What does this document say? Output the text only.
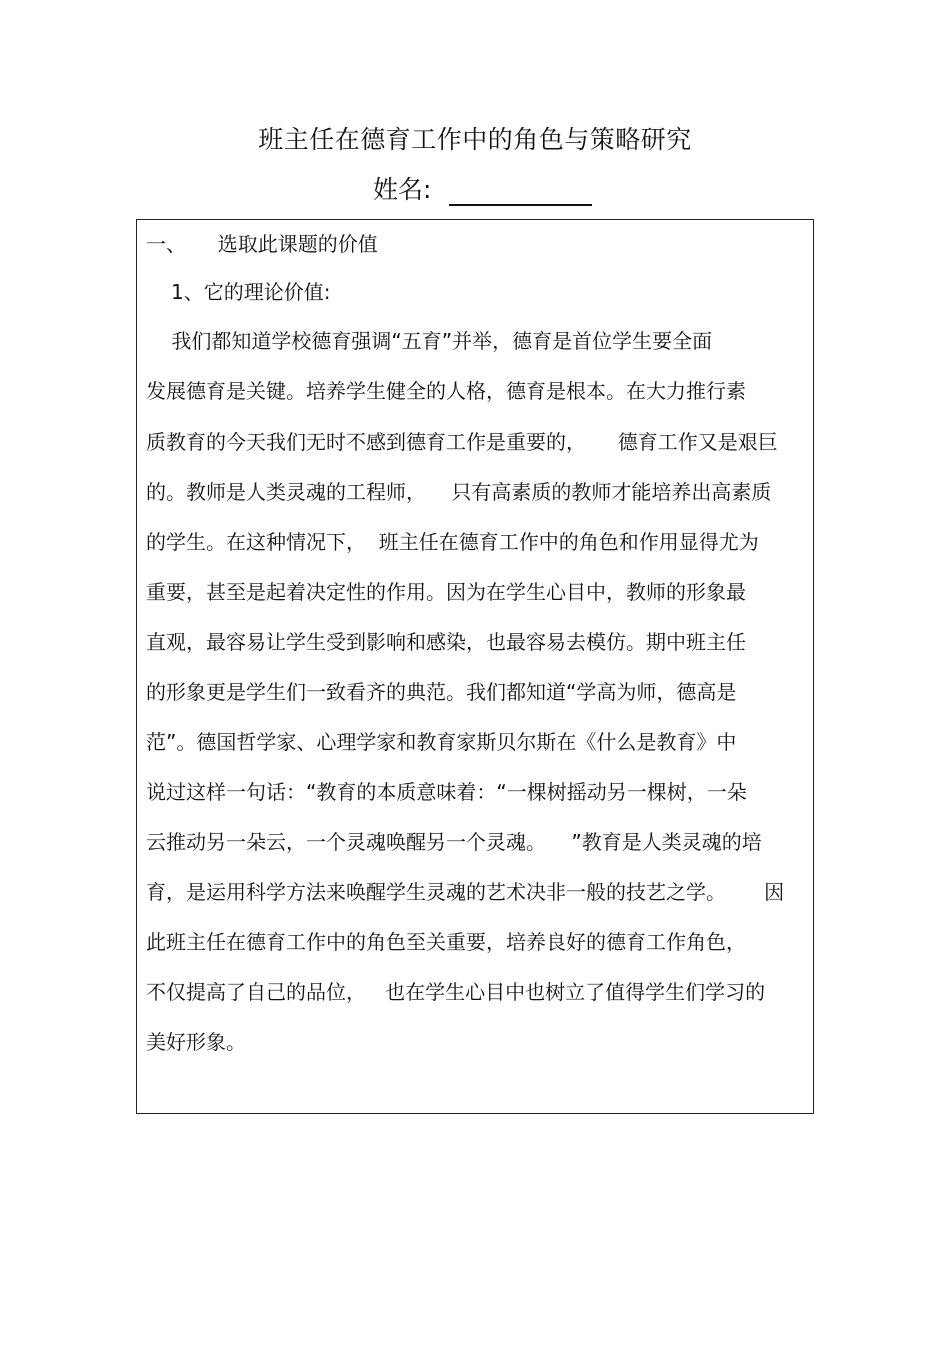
班主任在德育工作中的角色与策略研究
姓名:
一、     选取此课题的价值
1、它的理论价值:
我们都知道学校德育强调“五育”并举，德育是首位学生要全面
发展德育是关键。培养学生健全的人格，德育是根本。在大力推行素
质教育的今天我们无时不感到德育工作是重要的，     德育工作又是艰巨
的。教师是人类灵魂的工程师，    只有高素质的教师才能培养出高素质
的学生。在这种情况下，  班主任在德育工作中的角色和作用显得尤为
重要，甚至是起着决定性的作用。因为在学生心目中，教师的形象最
直观，最容易让学生受到影响和感染，也最容易去模仿。期中班主任
的形象更是学生们一致看齐的典范。我们都知道“学高为师，德高是
范”。德国哲学家、心理学家和教育家斯贝尔斯在《什么是教育》中
说过这样一句话：“教育的本质意味着：“一棵树摇动另一棵树，一朵
云推动另一朵云，一个灵魂唤醒另一个灵魂。    ”教育是人类灵魂的培
育，是运用科学方法来唤醒学生灵魂的艺术决非一般的技艺之学。      因
此班主任在德育工作中的角色至关重要，培养良好的德育工作角色，
不仅提高了自己的品位，   也在学生心目中也树立了值得学生们学习的
美好形象。
